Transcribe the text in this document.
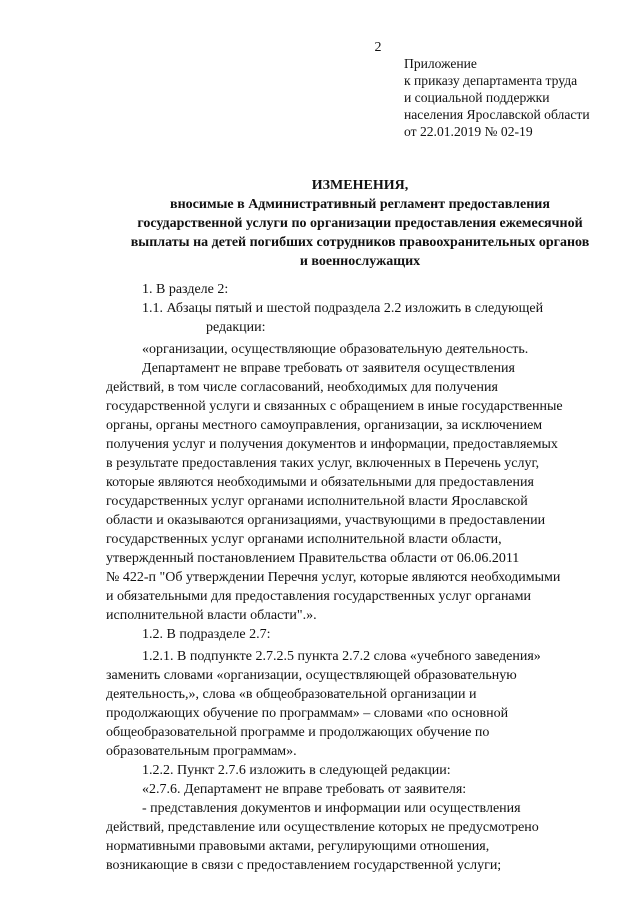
2
Приложение
к приказу департамента труда
и социальной поддержки
населения Ярославской области
от 22.01.2019 № 02-19
ИЗМЕНЕНИЯ,
вносимые в Административный регламент предоставления
государственной услуги по организации предоставления ежемесячной
выплаты на детей погибших сотрудников правоохранительных органов
и военнослужащих
1. В разделе 2:
1.1. Абзацы пятый и шестой подраздела 2.2 изложить в следующей
редакции:
«организации, осуществляющие образовательную деятельность.
Департамент не вправе требовать от заявителя осуществления
действий, в том числе согласований, необходимых для получения
государственной услуги и связанных с обращением в иные государственные
органы, органы местного самоуправления, организации, за исключением
получения услуг и получения документов и информации, предоставляемых
в результате предоставления таких услуг, включенных в Перечень услуг,
которые являются необходимыми и обязательными для предоставления
государственных услуг органами исполнительной власти Ярославской
области и оказываются организациями, участвующими в предоставлении
государственных услуг органами исполнительной власти области,
утвержденный постановлением Правительства области от 06.06.2011
№ 422-п "Об утверждении Перечня услуг, которые являются необходимыми
и обязательными для предоставления государственных услуг органами
исполнительной власти области".».
1.2. В подразделе 2.7:
1.2.1. В подпункте 2.7.2.5 пункта 2.7.2 слова «учебного заведения»
заменить словами «организации, осуществляющей образовательную
деятельность,», слова «в общеобразовательной организации и
продолжающих обучение по программам» – словами «по основной
общеобразовательной программе и продолжающих обучение по
образовательным программам».
1.2.2. Пункт 2.7.6 изложить в следующей редакции:
«2.7.6. Департамент не вправе требовать от заявителя:
- представления документов и информации или осуществления
действий, представление или осуществление которых не предусмотрено
нормативными правовыми актами, регулирующими отношения,
возникающие в связи с предоставлением государственной услуги;
